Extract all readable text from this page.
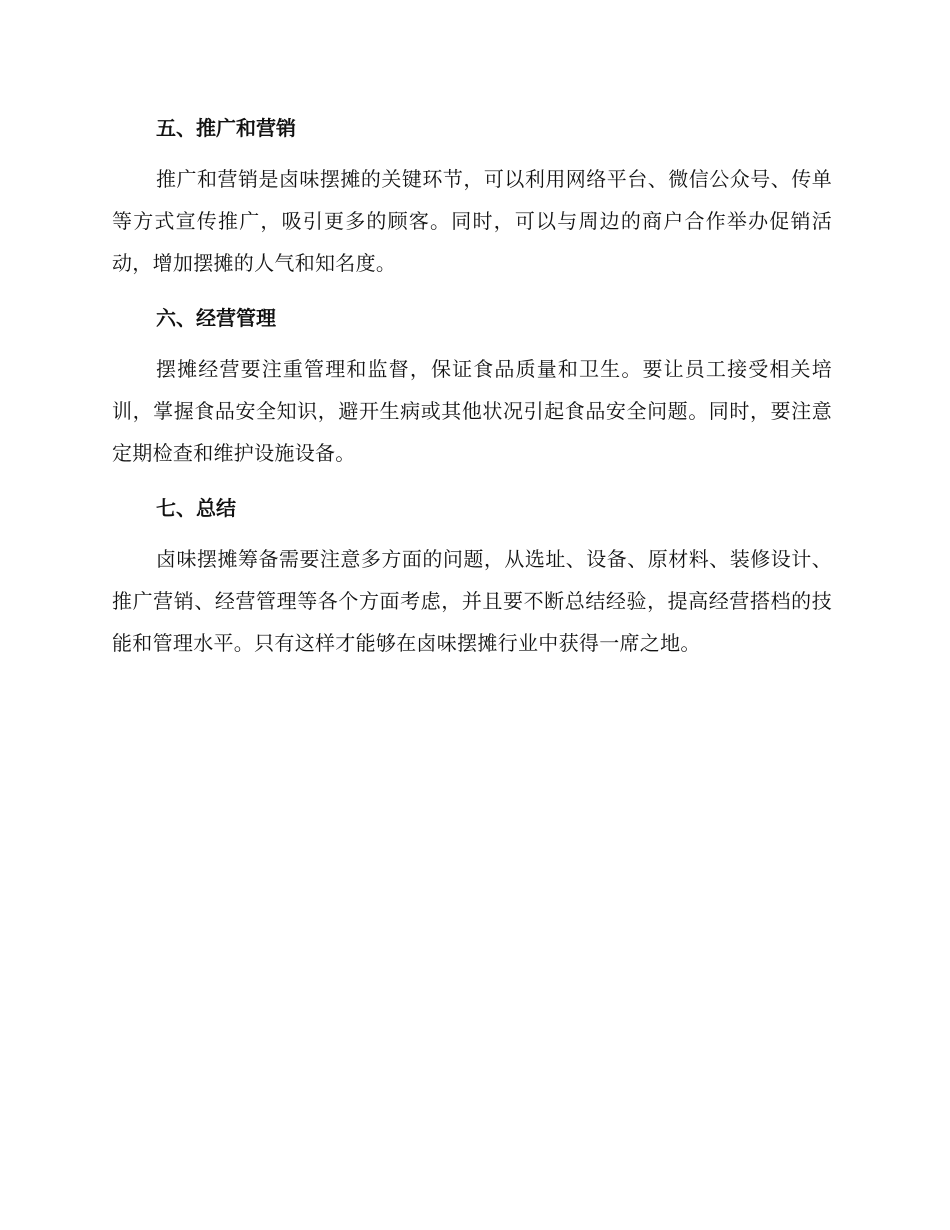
五、推广和营销

推广和营销是卤味摆摊的关键环节，可以利用网络平台、微信公众号、传单等方式宣传推广，吸引更多的顾客。同时，可以与周边的商户合作举办促销活动，增加摆摊的人气和知名度。

六、经营管理

摆摊经营要注重管理和监督，保证食品质量和卫生。要让员工接受相关培训，掌握食品安全知识，避开生病或其他状况引起食品安全问题。同时，要注意定期检查和维护设施设备。

七、总结

卤味摆摊筹备需要注意多方面的问题，从选址、设备、原材料、装修设计、推广营销、经营管理等各个方面考虑，并且要不断总结经验，提高经营搭档的技能和管理水平。只有这样才能够在卤味摆摊行业中获得一席之地。
